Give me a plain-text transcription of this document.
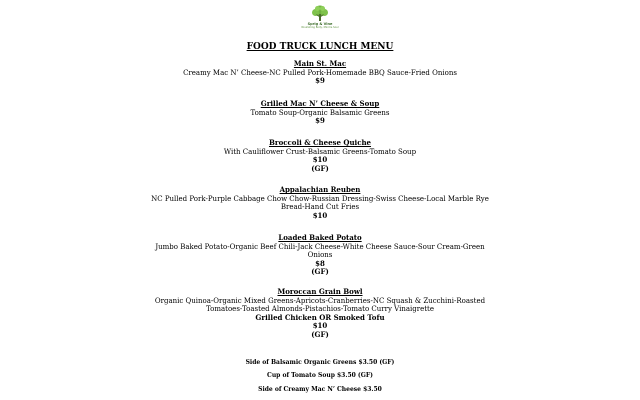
Sprig & Vine
Nourishing Body, Mind & Soul
FOOD TRUCK LUNCH MENU
Main St. Mac
Creamy Mac N’ Cheese-NC Pulled Pork-Homemade BBQ Sauce-Fried Onions
$9
Grilled Mac N’ Cheese & Soup
Tomato Soup-Organic Balsamic Greens
$9
Broccoli & Cheese Quiche
With Cauliflower Crust-Balsamic Greens-Tomato Soup
$10
(GF)
Appalachian Reuben
NC Pulled Pork-Purple Cabbage Chow Chow-Russian Dressing-Swiss Cheese-Local Marble Rye Bread-Hand Cut Fries
$10
Loaded Baked Potato
Jumbo Baked Potato-Organic Beef Chili-Jack Cheese-White Cheese Sauce-Sour Cream-Green Onions
$8
(GF)
Moroccan Grain Bowl
Organic Quinoa-Organic Mixed Greens-Apricots-Cranberries-NC Squash & Zucchini-Roasted Tomatoes-Toasted Almonds-Pistachios-Tomato Curry Vinaigrette
Grilled Chicken OR Smoked Tofu
$10
(GF)
Side of Balsamic Organic Greens $3.50 (GF)
Cup of Tomato Soup $3.50 (GF)
Side of Creamy Mac N’ Cheese $3.50
